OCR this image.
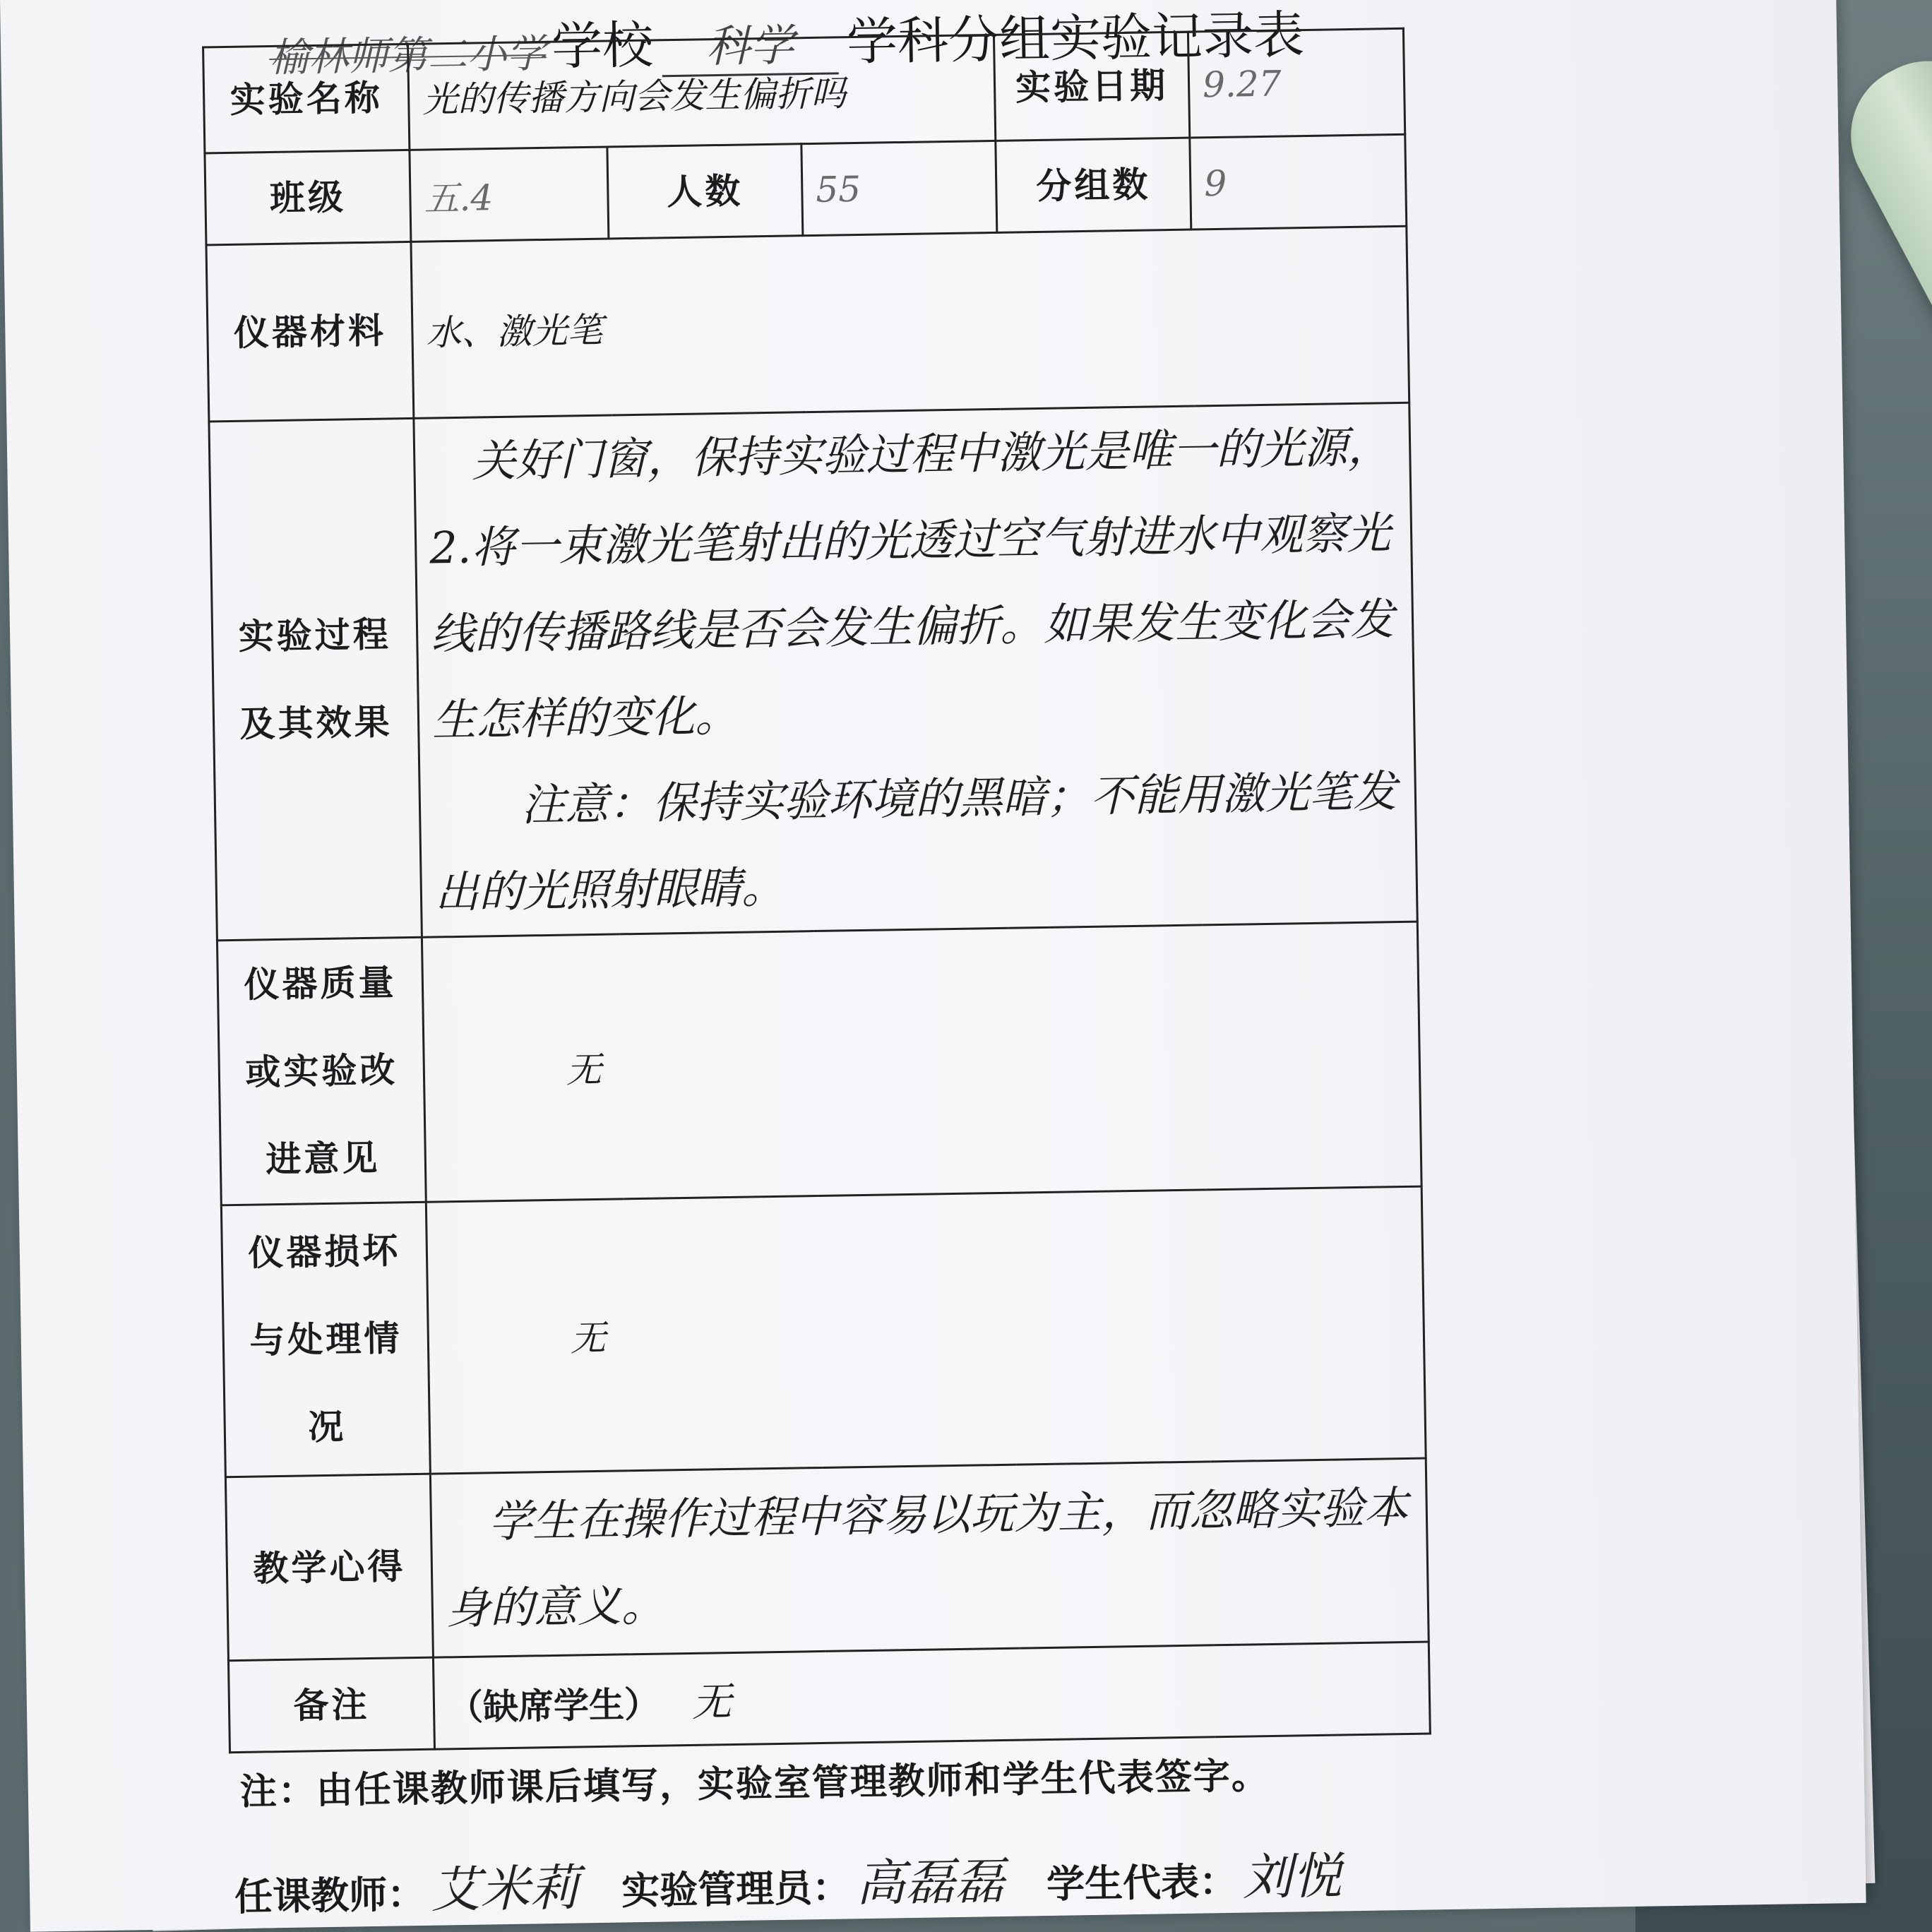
榆林师第二小学 学校	科学	学科分组实验记录表
实验名称	光的传播方向会发生偏折吗			实验日期	9.27
班级	五.4	人数	55	分组数	9
仪器材料	水、激光笔				
实验过程及其效果	关好门窗，保持实验过程中激光是唯一的光源，2.将一束激光笔射出的光透过空气射进水中观察光线的传播路线是否会发生偏折。如果发生变化会发生怎样的变化。

注意：保持实验环境的黑暗；不能用激光笔发出的光照射眼睛。				

仪器质量或实验改进意见	无				
仪器损坏与处理情况	无				
教学心得	学生在操作过程中容易以玩为主，而忽略实验本身的意义。				

备注	（缺席学生） 无				
注：由任课教师课后填写，实验室管理教师和学生代表签字。
任课教师： 艾米莉 实验管理员： 高磊磊 学生代表： 刘悦
